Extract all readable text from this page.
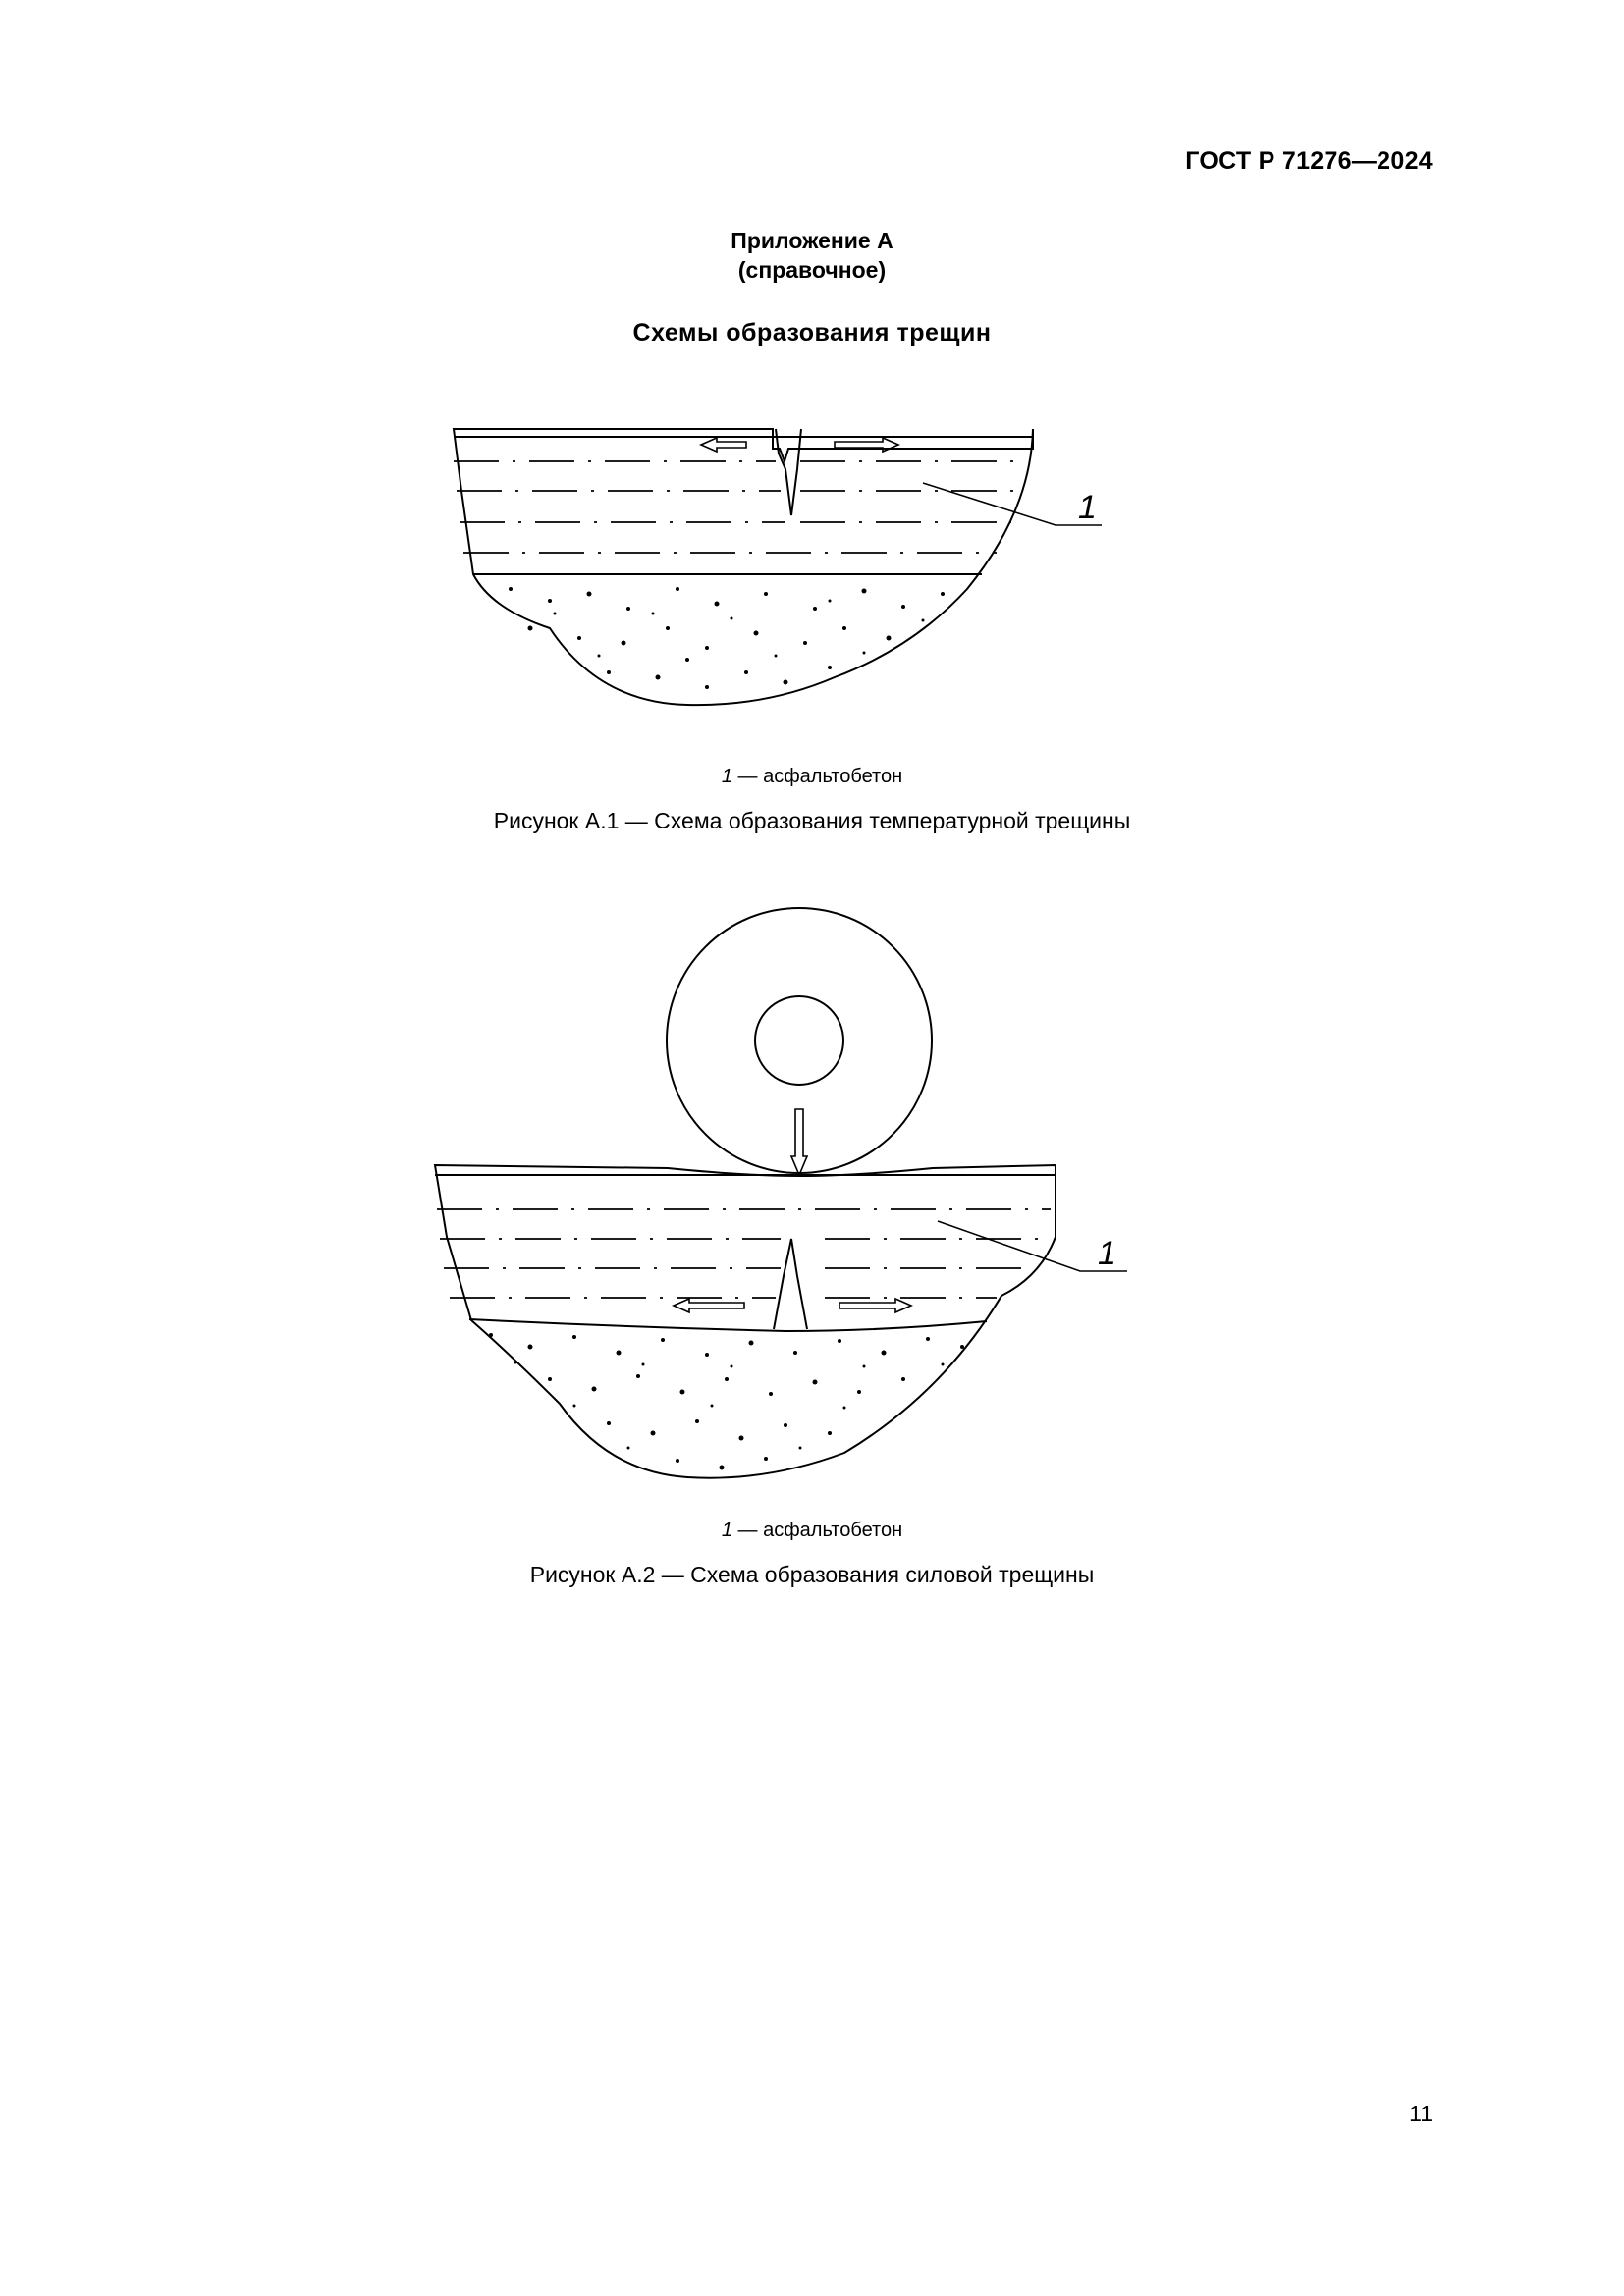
ГОСТ Р 71276—2024
Приложение А
(справочное)
Схемы образования трещин
1
1
1 — асфальтобетон
Рисунок А.1 — Схема образования температурной трещины
1 — асфальтобетон
Рисунок А.2 — Схема образования силовой трещины
11
